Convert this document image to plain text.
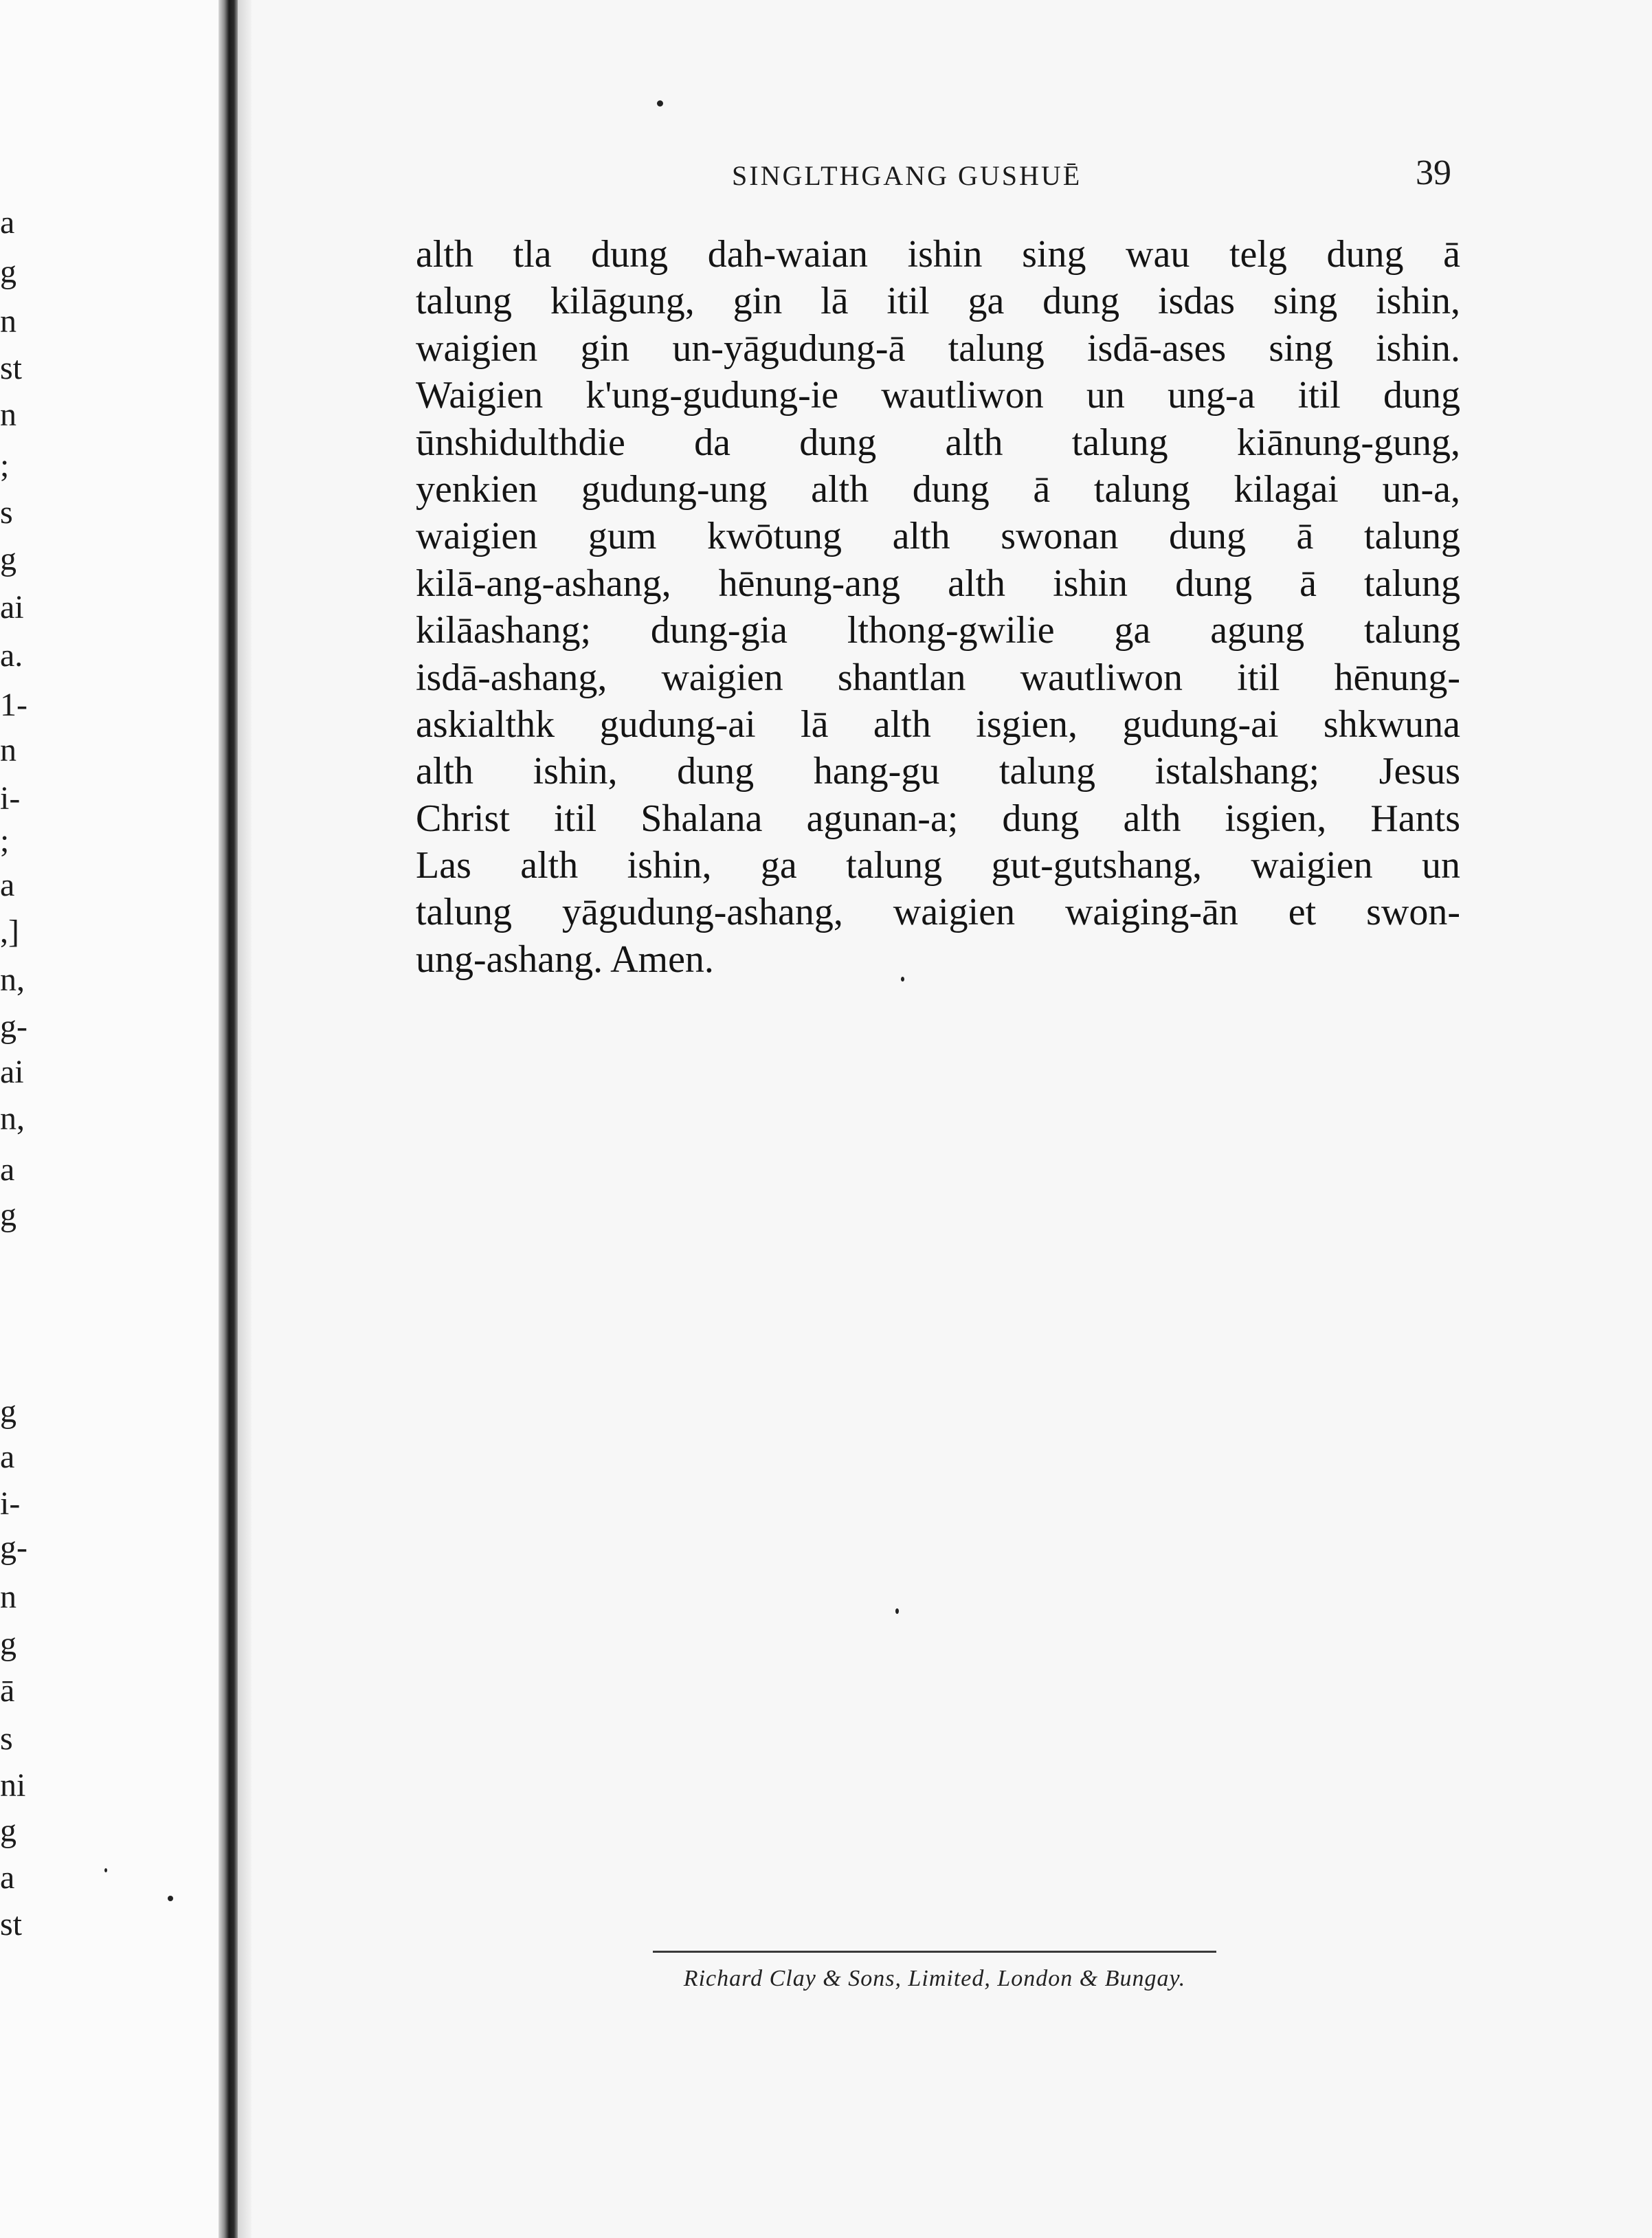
a
g
n
st
n
;
s
g
ai
a.
1-
n
i-
;
a
,]
n,
g-
ai
n,
a
g
g
a
i-
g-
n
g
ā
s
ni
g
a
st
SINGLTHGANG GUSHUĒ	39
alth tla dung dah-waian ishin sing wau telg dung ā
talung kilāgung, gin lā itil ga dung isdas sing ishin,
waigien gin un-yāgudung-ā talung isdā-ases sing ishin.
Waigien k'ung-gudung-ie wautliwon un ung-a itil dung
ūnshidulthdie da dung alth talung kiānung-gung,
yenkien gudung-ung alth dung ā talung kilagai un-a,
waigien gum kwōtung alth swonan dung ā talung
kilā-ang-ashang, hēnung-ang alth ishin dung ā talung
kilāashang; dung-gia lthong-gwilie ga agung talung
isdā-ashang, waigien shantlan wautliwon itil hēnung-
askialthk gudung-ai lā alth isgien, gudung-ai shkwuna
alth ishin, dung hang-gu talung istalshang; Jesus
Christ itil Shalana agunan-a; dung alth isgien, Hants
Las alth ishin, ga talung gut-gutshang, waigien un
talung yāgudung-ashang, waigien waiging-ān et swon-
ung-ashang. Amen.
Richard Clay & Sons, Limited, London & Bungay.
